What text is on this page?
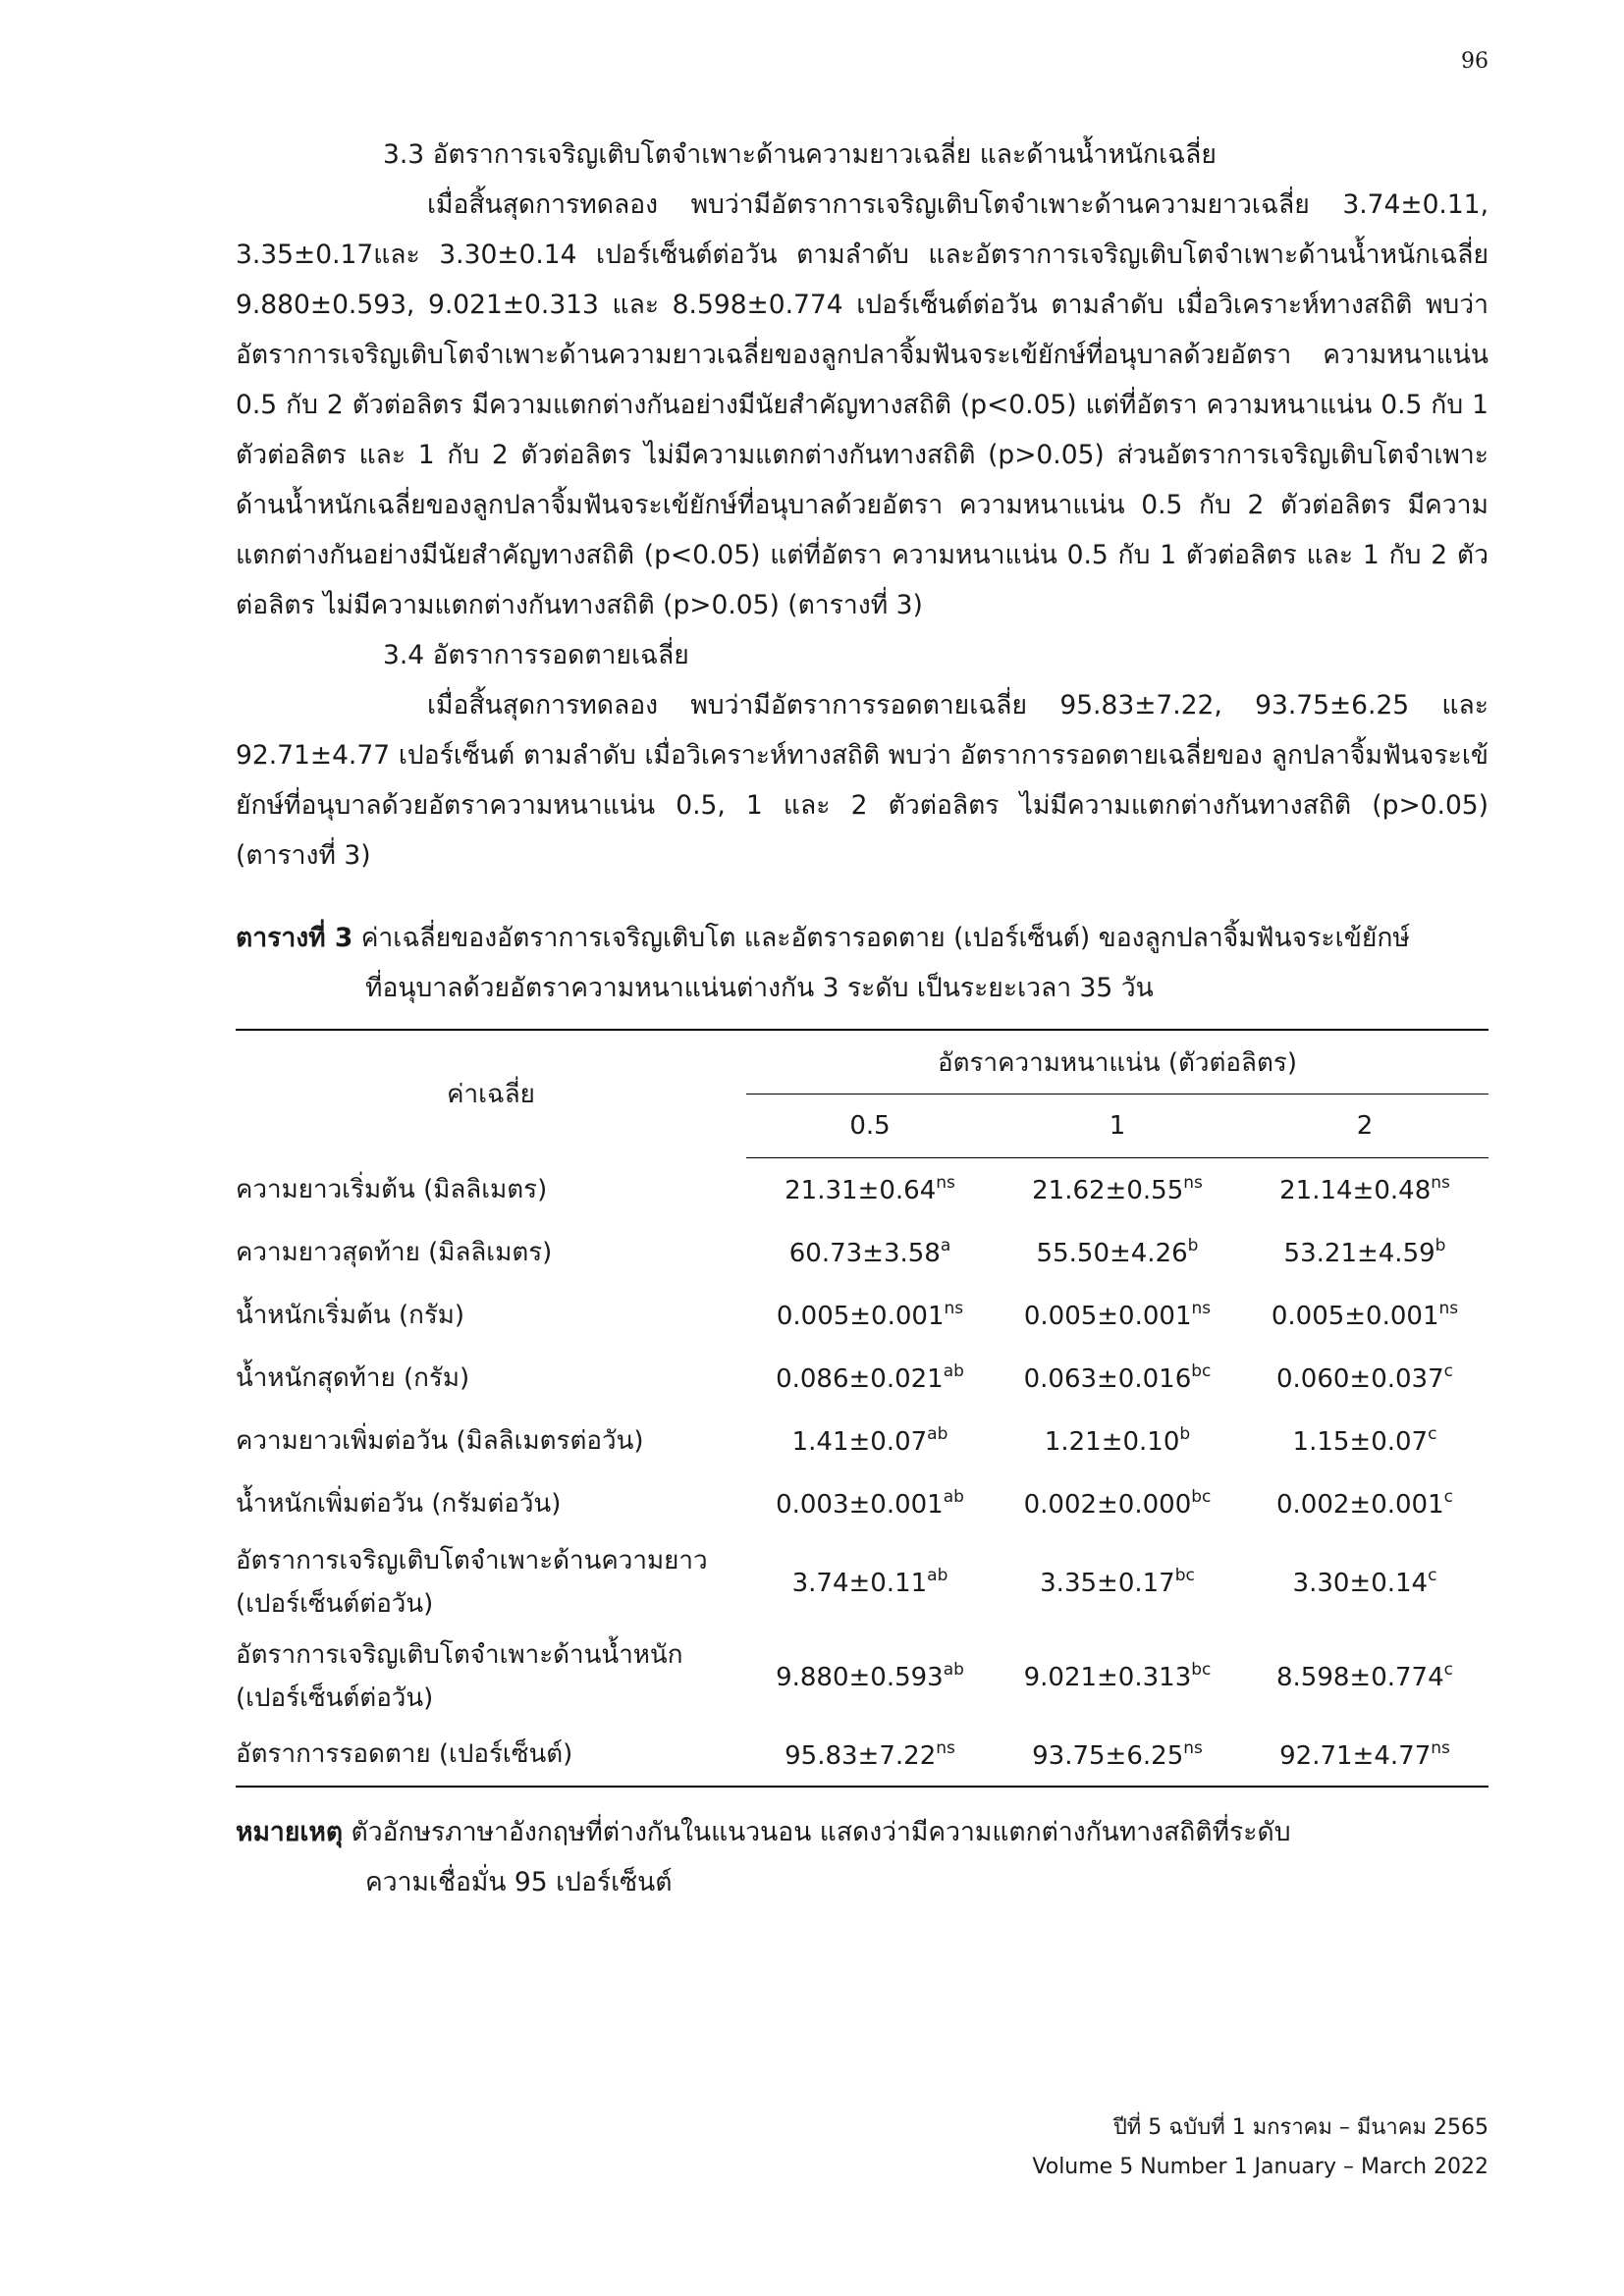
96

3.3 อัตราการเจริญเติบโตจำเพาะด้านความยาวเฉลี่ย และด้านน้ำหนักเฉลี่ย

เมื่อสิ้นสุดการทดลอง พบว่ามีอัตราการเจริญเติบโตจำเพาะด้านความยาวเฉลี่ย 3.74±0.11, 3.35±0.17และ 3.30±0.14 เปอร์เซ็นต์ต่อวัน ตามลำดับ และอัตราการเจริญเติบโตจำเพาะด้านน้ำหนักเฉลี่ย 9.880±0.593, 9.021±0.313 และ 8.598±0.774 เปอร์เซ็นต์ต่อวัน ตามลำดับ เมื่อวิเคราะห์ทางสถิติ พบว่า อัตราการเจริญเติบโตจำเพาะด้านความยาวเฉลี่ยของลูกปลาจิ้มฟันจระเข้ยักษ์ที่อนุบาลด้วยอัตรา ความหนาแน่น 0.5 กับ 2 ตัวต่อลิตร มีความแตกต่างกันอย่างมีนัยสำคัญทางสถิติ (p<0.05) แต่ที่อัตรา ความหนาแน่น 0.5 กับ 1 ตัวต่อลิตร และ 1 กับ 2 ตัวต่อลิตร ไม่มีความแตกต่างกันทางสถิติ (p>0.05) ส่วนอัตราการเจริญเติบโตจำเพาะด้านน้ำหนักเฉลี่ยของลูกปลาจิ้มฟันจระเข้ยักษ์ที่อนุบาลด้วยอัตรา ความหนาแน่น 0.5 กับ 2 ตัวต่อลิตร มีความแตกต่างกันอย่างมีนัยสำคัญทางสถิติ (p<0.05) แต่ที่อัตรา ความหนาแน่น 0.5 กับ 1 ตัวต่อลิตร และ 1 กับ 2 ตัวต่อลิตร ไม่มีความแตกต่างกันทางสถิติ (p>0.05) (ตารางที่ 3)

3.4 อัตราการรอดตายเฉลี่ย

เมื่อสิ้นสุดการทดลอง พบว่ามีอัตราการรอดตายเฉลี่ย 95.83±7.22, 93.75±6.25 และ 92.71±4.77 เปอร์เซ็นต์ ตามลำดับ เมื่อวิเคราะห์ทางสถิติ พบว่า อัตราการรอดตายเฉลี่ยของ ลูกปลาจิ้มฟันจระเข้ยักษ์ที่อนุบาลด้วยอัตราความหนาแน่น 0.5, 1 และ 2 ตัวต่อลิตร ไม่มีความแตกต่างกันทางสถิติ (p>0.05) (ตารางที่ 3)

ตารางที่ 3 ค่าเฉลี่ยของอัตราการเจริญเติบโต และอัตรารอดตาย (เปอร์เซ็นต์) ของลูกปลาจิ้มฟันจระเข้ยักษ์

ที่อนุบาลด้วยอัตราความหนาแน่นต่างกัน 3 ระดับ เป็นระยะเวลา 35 วัน

ค่าเฉลี่ย	อัตราความหนาแน่น (ตัวต่อลิตร)		
	0.5	1	2
ความยาวเริ่มต้น (มิลลิเมตร)	$21.31\pm 0.64^{ns}$	$21.62\pm 0.55^{ns}$	$21.14\pm 0.48^{ns}$
ความยาวสุดท้าย (มิลลิเมตร)	60.73±3.58$^a$	55.50±4.26$^b$	53.21±4.59$^b$
น้ำหนักเริ่มต้น (กรัม)	$0.005\pm 0.001^{ns}$	$0.005\pm 0.001^{ns}$	$0.005\pm 0.001^{ns}$
น้ำหนักสุดท้าย (กรัม)	0.086±0.021$^{ab}$	0.063±0.016$^{bc}$	0.060±0.037$^c$
ความยาวเพิ่มต่อวัน (มิลลิเมตรต่อวัน)	1.41±0.07$^{ab}$	1.21±0.10$^b$	1.15±0.07$^c$
น้ำหนักเพิ่มต่อวัน (กรัมต่อวัน)	0.003±0.001$^{ab}$	0.002±0.000$^{bc}$	0.002±0.001$^c$
อัตราการเจริญเติบโตจำเพาะด้านความยาว
(เปอร์เซ็นต์ต่อวัน)	3.74±0.11$^{ab}$	3.35±0.17$^{bc}$	3.30±0.14$^c$
อัตราการเจริญเติบโตจำเพาะด้านน้ำหนัก
(เปอร์เซ็นต์ต่อวัน)	9.880±0.593$^{ab}$	9.021±0.313$^{bc}$	8.598±0.774$^c$
อัตราการรอดตาย (เปอร์เซ็นต์)	$95.83\pm 7.22^{ns}$	$93.75\pm 6.25^{ns}$	$92.71\pm 4.77^{ns}$

หมายเหตุ ตัวอักษรภาษาอังกฤษที่ต่างกันในแนวนอน แสดงว่ามีความแตกต่างกันทางสถิติที่ระดับ

ความเชื่อมั่น 95 เปอร์เซ็นต์

ปีที่ 5 ฉบับที่ 1 มกราคม – มีนาคม 2565

Volume 5 Number 1 January – March 2022
